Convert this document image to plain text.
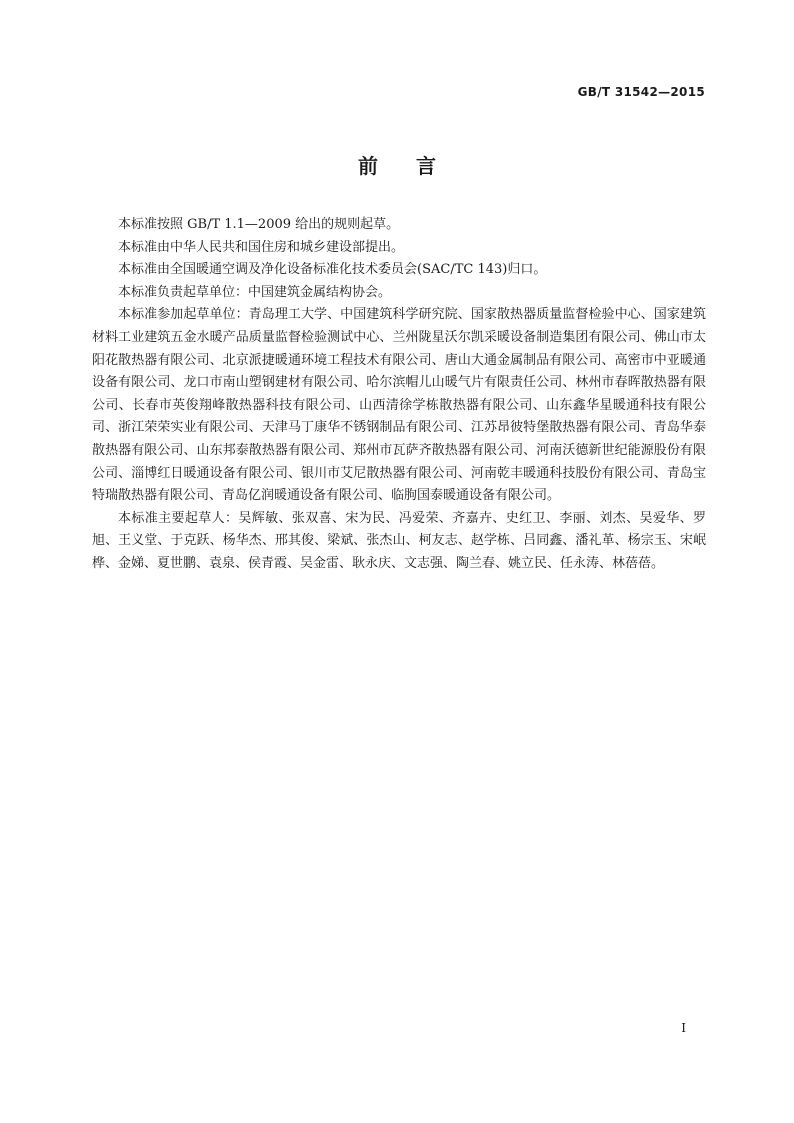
GB/T 31542—2015
前言

本标准按照 GB/T 1.1—2009 给出的规则起草。

本标准由中华人民共和国住房和城乡建设部提出。

本标准由全国暖通空调及净化设备标准化技术委员会(SAC/TC 143)归口。

本标准负责起草单位：中国建筑金属结构协会。

本标准参加起草单位：青岛理工大学、中国建筑科学研究院、国家散热器质量监督检验中心、国家建筑材料工业建筑五金水暖产品质量监督检验测试中心、兰州陇星沃尔凯采暖设备制造集团有限公司、佛山市太阳花散热器有限公司、北京派捷暖通环境工程技术有限公司、唐山大通金属制品有限公司、高密市中亚暖通设备有限公司、龙口市南山塑钢建材有限公司、哈尔滨帽儿山暖气片有限责任公司、林州市春晖散热器有限公司、长春市英俊翔峰散热器科技有限公司、山西清徐学栋散热器有限公司、山东鑫华星暖通科技有限公司、浙江荣荣实业有限公司、天津马丁康华不锈钢制品有限公司、江苏昂彼特堡散热器有限公司、青岛华泰散热器有限公司、山东邦泰散热器有限公司、郑州市瓦萨齐散热器有限公司、河南沃德新世纪能源股份有限公司、淄博红日暖通设备有限公司、银川市艾尼散热器有限公司、河南乾丰暖通科技股份有限公司、青岛宝特瑞散热器有限公司、青岛亿润暖通设备有限公司、临朐国泰暖通设备有限公司。

本标准主要起草人：吴辉敏、张双喜、宋为民、冯爱荣、齐嘉卉、史红卫、李丽、刘杰、吴爱华、罗旭、王义堂、于克跃、杨华杰、邢其俊、梁斌、张杰山、柯友志、赵学栋、吕同鑫、潘礼革、杨宗玉、宋岷桦、金娣、夏世鹏、袁泉、侯青霞、吴金雷、耿永庆、文志强、陶兰春、姚立民、任永涛、林蓓蓓。

I
